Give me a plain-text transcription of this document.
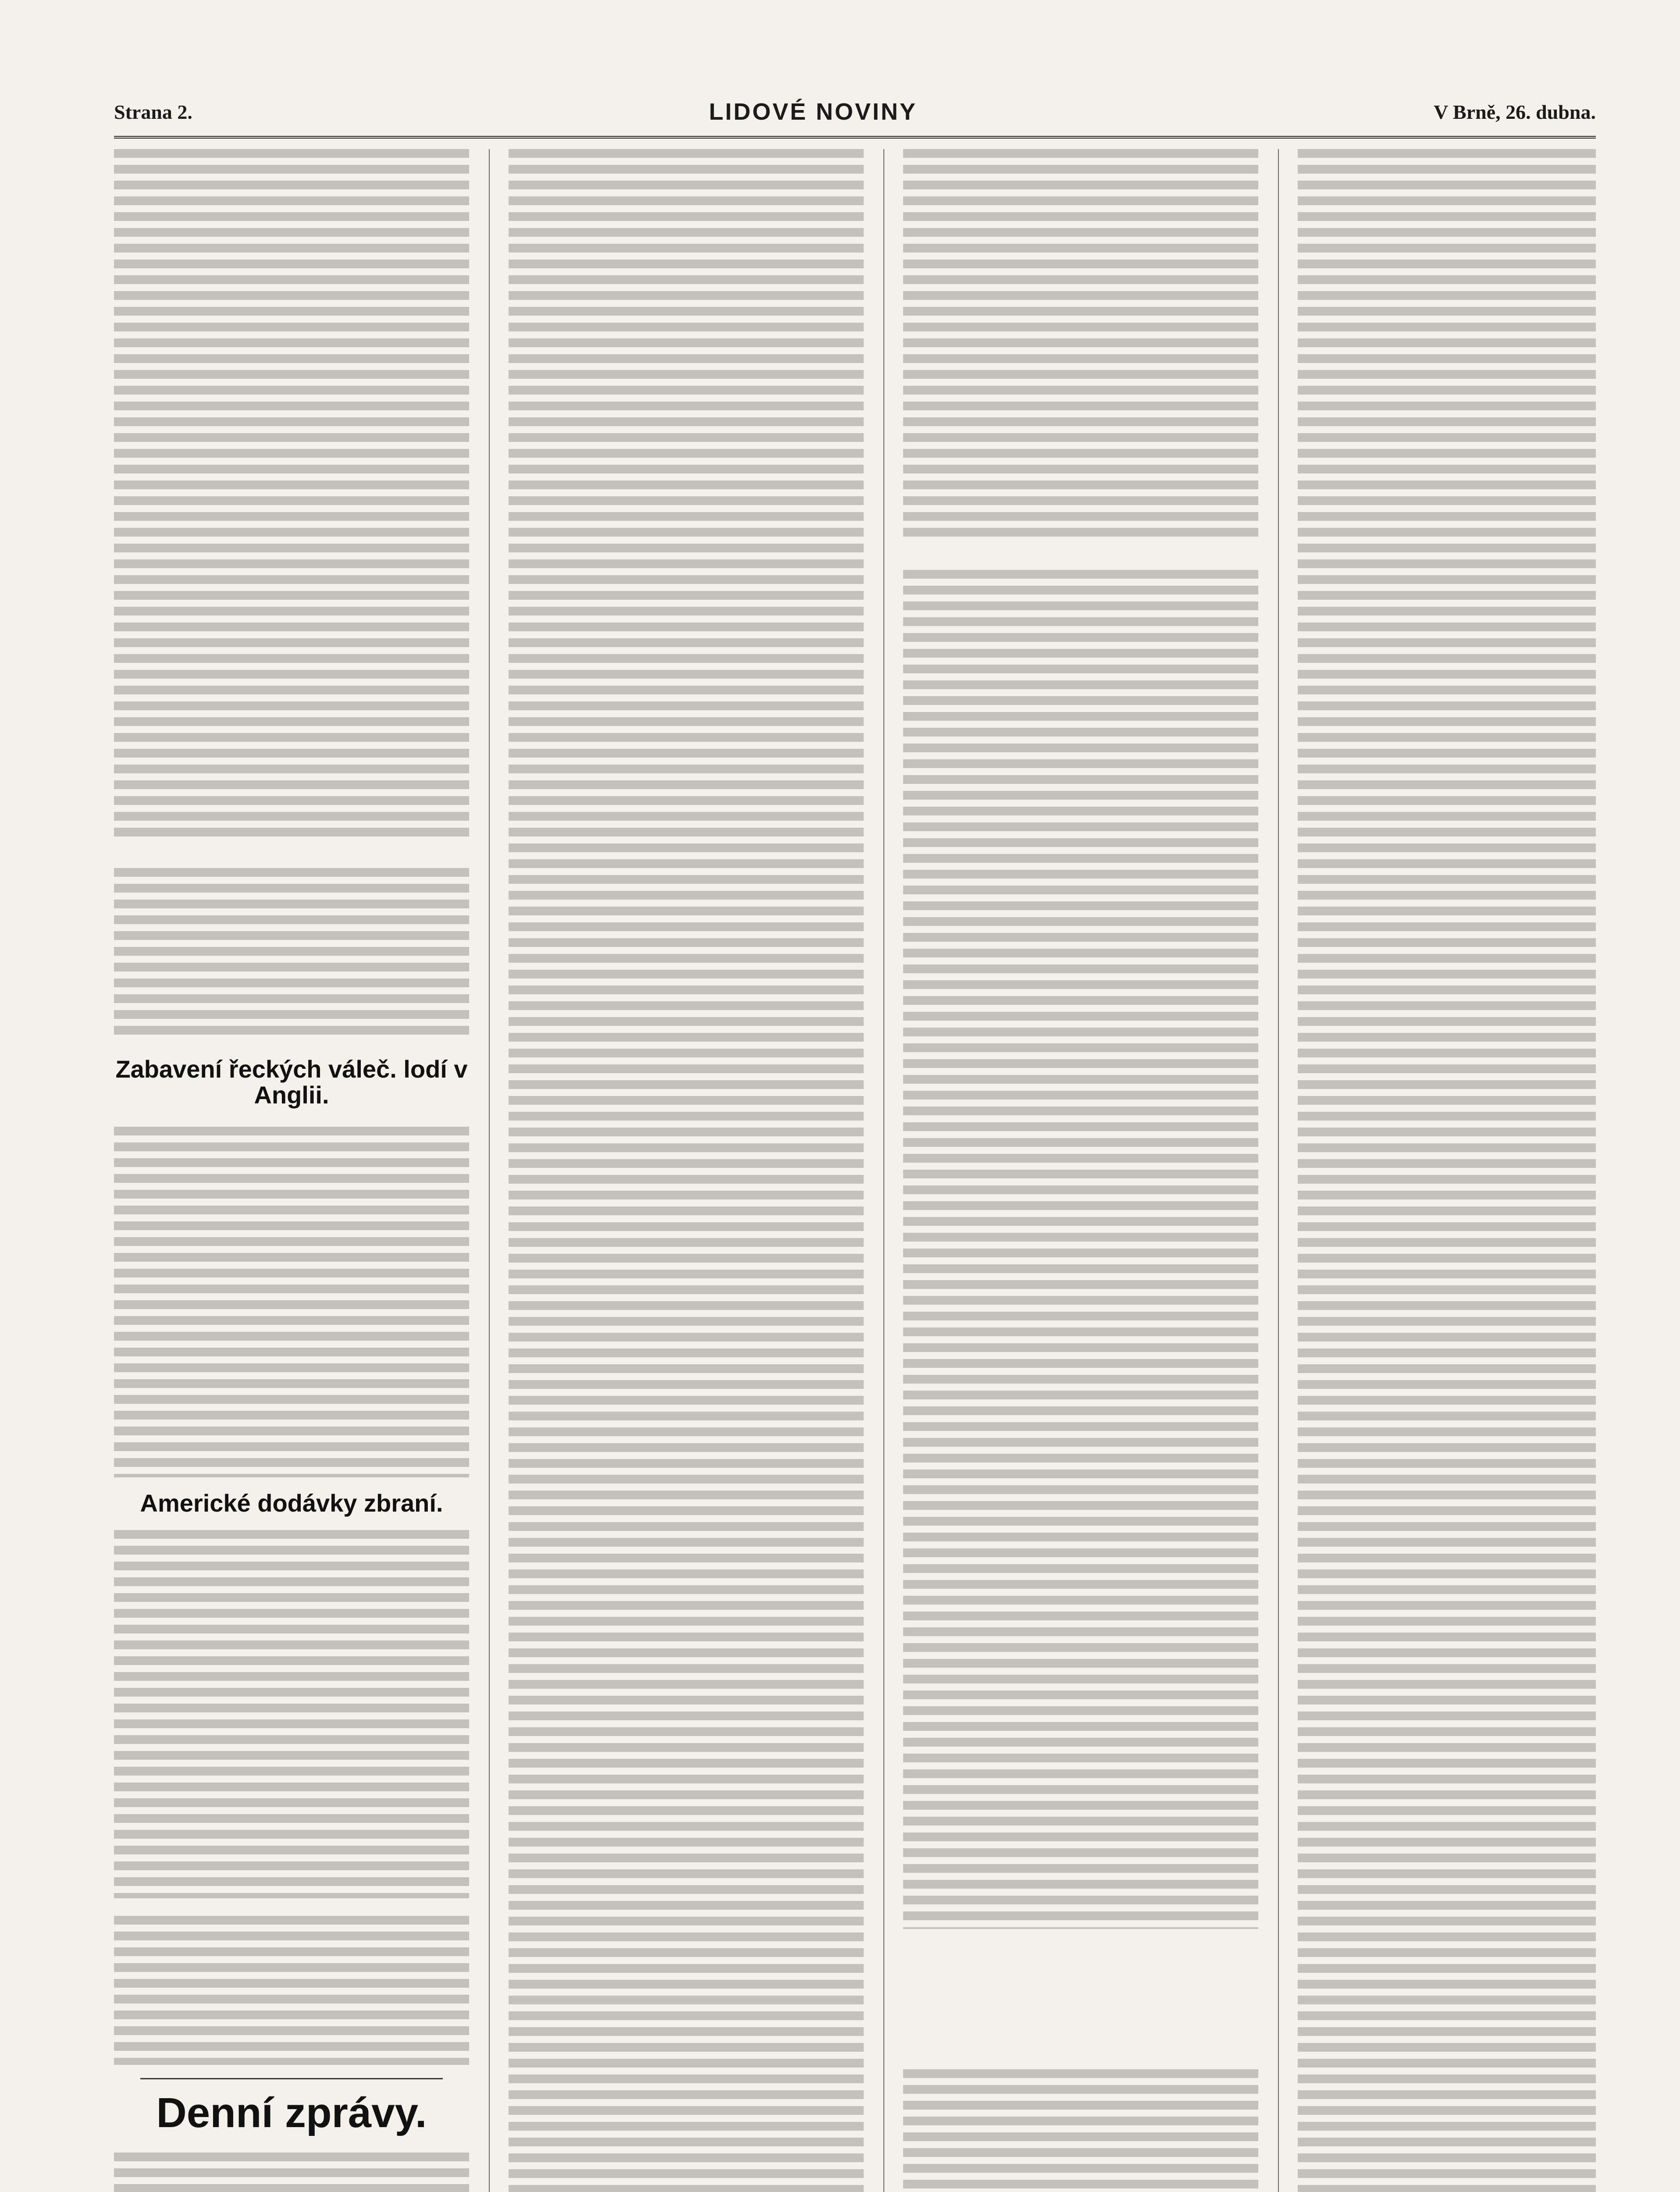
Strana 2.	LIDOVÉ NOVINY	V Brně, 26. dubna.
Zabavení řeckých váleč. lodí v Anglii.
Americké dodávky zbraní.
Denní zprávy.
